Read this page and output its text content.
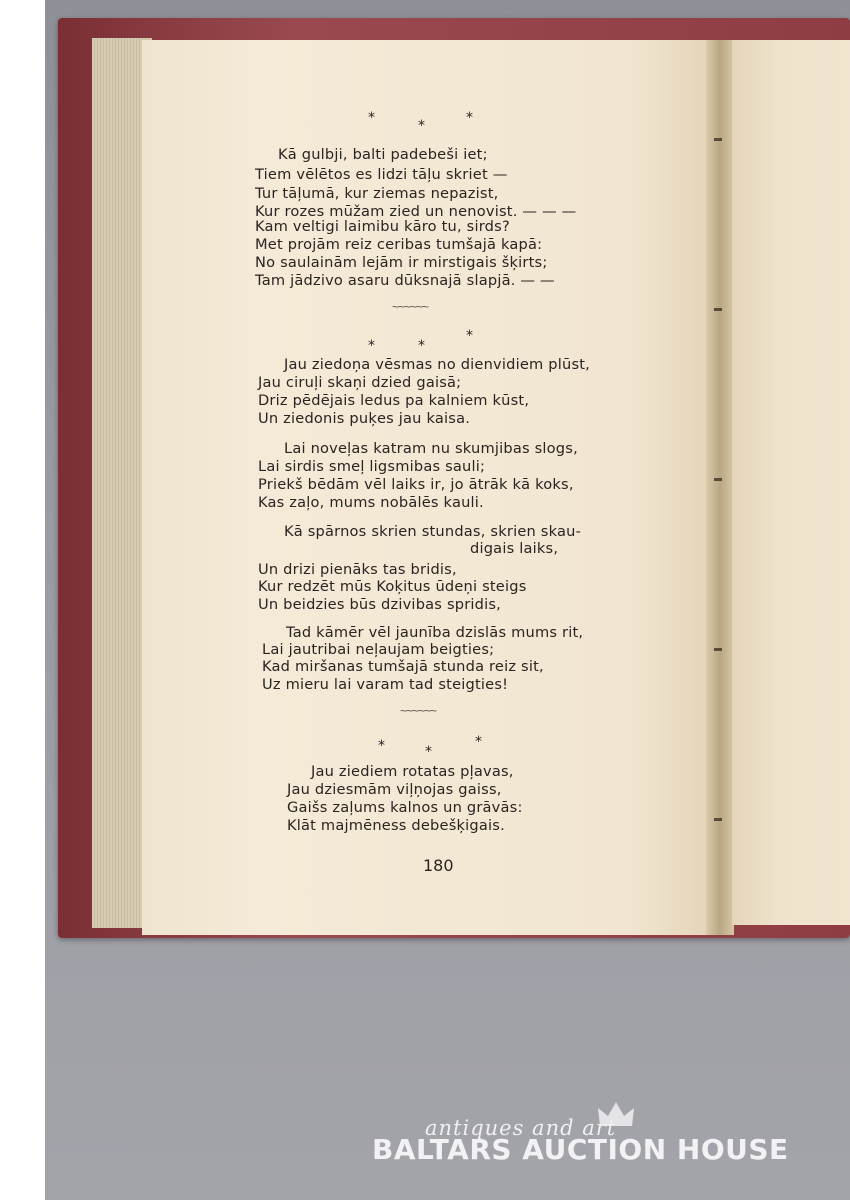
*	*	*
Kā gulbji, balti padebeši iet;
Tiem vēlētos es lidzi tāļu skriet —
Tur tāļumā, kur ziemas nepazist,
Kur rozes mūžam zied un nenovist. — — —
Kam veltigi laimibu kāro tu, sirds?
Met projām reiz ceribas tumšajā kapā:
No saulainām lejām ir mirstigais šķirts;
Tam jādzivo asaru dūksnajā slapjā. — —
~~~~~~
*	*
*
Jau ziedoņa vēsmas no dienvidiem plūst,
Jau ciruļi skaņi dzied gaisā;
Driz pēdējais ledus pa kalniem kūst,
Un ziedonis puķes jau kaisa.
Lai noveļas katram nu skumjibas slogs,
Lai sirdis smeļ ligsmibas sauli;
Priekš bēdām vēl laiks ir, jo ātrāk kā koks,
Kas zaļo, mums nobālēs kauli.
Kā spārnos skrien stundas, skrien skau-
digais laiks,
Un drizi pienāks tas bridis,
Kur redzēt mūs Koķitus ūdeņi steigs
Un beidzies būs dzivibas spridis,
Tad kāmēr vēl jaunība dzislās mums rit,
Lai jautribai neļaujam beigties;
Kad miršanas tumšajā stunda reiz sit,
Uz mieru lai varam tad steigties!
~~~~~~
*	*
*
Jau ziediem rotatas pļavas,
Jau dziesmām viļņojas gaiss,
Gaišs zaļums kalnos un grāvās:
Klāt majmēness debešķigais.
180
antiques and art
BALTARS AUCTION HOUSE
